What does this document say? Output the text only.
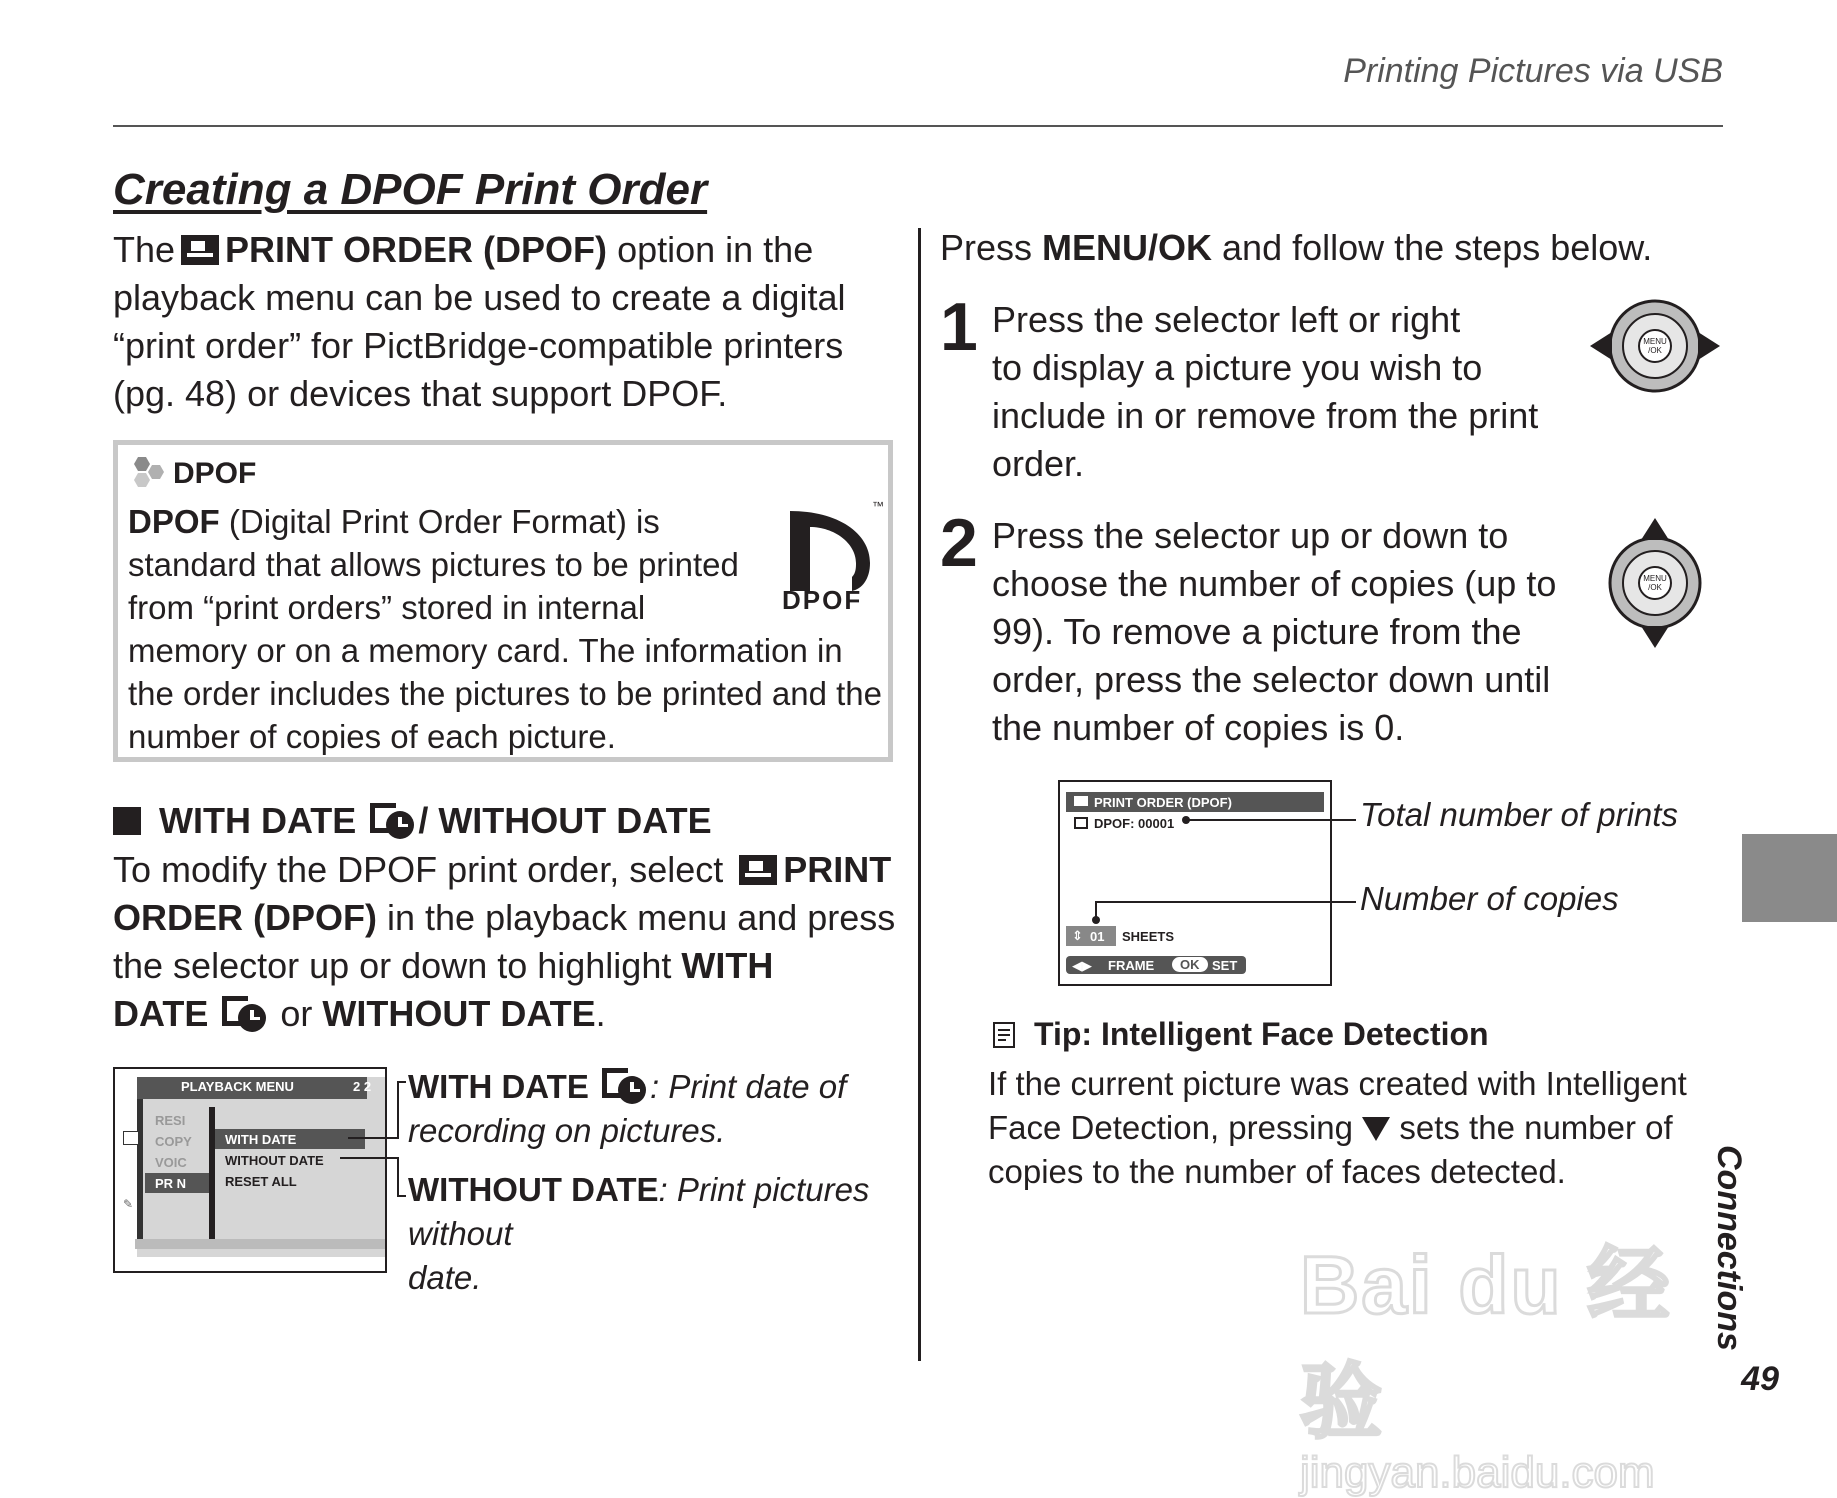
Printing Pictures via USB
Creating a DPOF Print Order
The PRINT ORDER (DPOF) option in the
playback menu can be used to create a digital
“print order” for PictBridge-compatible printers
(pg. 48) or devices that support DPOF.
DPOF
DPOF (Digital Print Order Format) is
standard that allows pictures to be printed
from “print orders” stored in internal
memory or on a memory card. The information in
the order includes the pictures to be printed and the
number of copies of each picture.
DPOF
™
WITH DATE / WITHOUT DATE
To modify the DPOF print order, select PRINT
ORDER (DPOF) in the playback menu and press
the selector up or down to highlight WITH
DATE
or WITHOUT DATE.
PLAYBACK MENU	2 2
✎
RESI
COPY
VOIC
PR N
WITH DATE
WITHOUT DATE
RESET ALL
WITH DATE : Print date of
recording on pictures.
WITHOUT DATE: Print pictures without
date.
Press MENU/OK and follow the steps below.
1 Press the selector left or right
to display a picture you wish to
include in or remove from the print
order.
MENU
/OK
2 Press the selector up or down to
choose the number of copies (up to
99). To remove a picture from the
order, press the selector down until
the number of copies is 0.
MENU
/OK
PRINT ORDER (DPOF)
DPOF: 00001
⇕ 01 SHEETS
◀▶ FRAME	OK SET
Total number of prints
Number of copies
Tip: Intelligent Face Detection
If the current picture was created with Intelligent
Face Detection, pressing  sets the number of
copies to the number of faces detected.	Connections
Bai du 经验
jingyan.baidu.com
49
